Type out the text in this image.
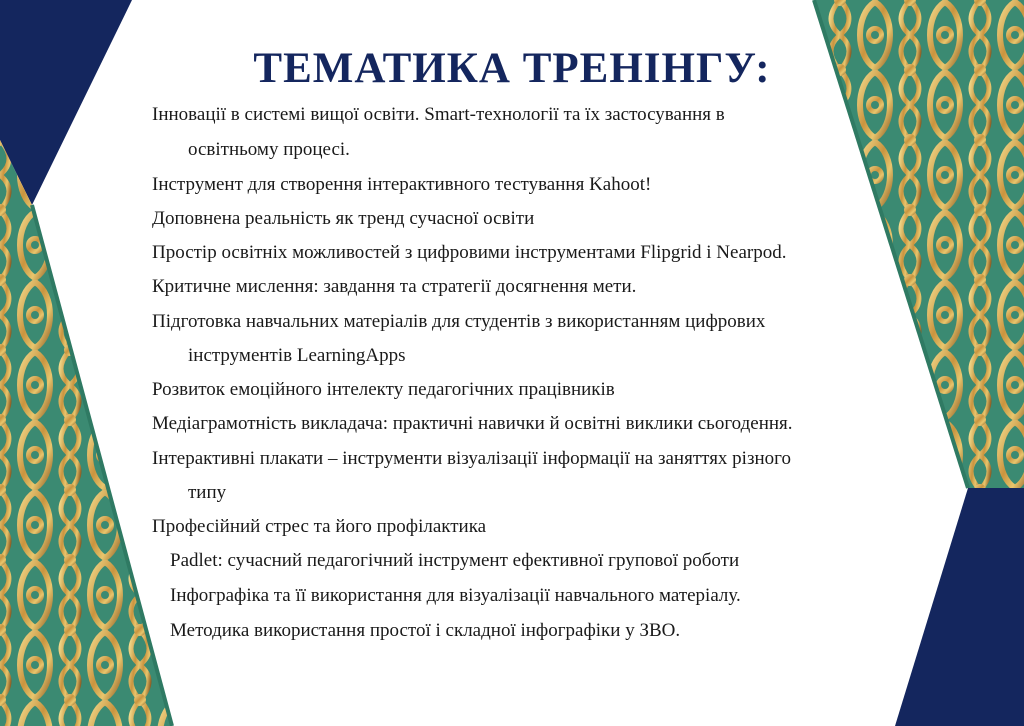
ТЕМАТИКА ТРЕНІНГУ:
Інновації в системі вищої освіти. Smart-технології та їх застосування в
освітньому процесі.
Інструмент для створення інтерактивного тестування Kahoot!
Доповнена реальність як тренд сучасної освіти
Простір освітніх можливостей з цифровими інструментами Flipgrid і Nearpod.
Критичне мислення: завдання та стратегії досягнення мети.
Підготовка навчальних матеріалів для студентів з використанням цифрових
інструментів LearningApps
Розвиток емоційного інтелекту педагогічних працівників
Медіаграмотність викладача: практичні навички й освітні виклики сьогодення.
Інтерактивні плакати – інструменти візуалізації інформації на заняттях різного
типу
Професійний стрес та його профілактика
Padlet: сучасний педагогічний інструмент ефективної групової роботи
Інфографіка та її використання для візуалізації навчального матеріалу.
Методика використання простої і складної інфографіки у ЗВО.
